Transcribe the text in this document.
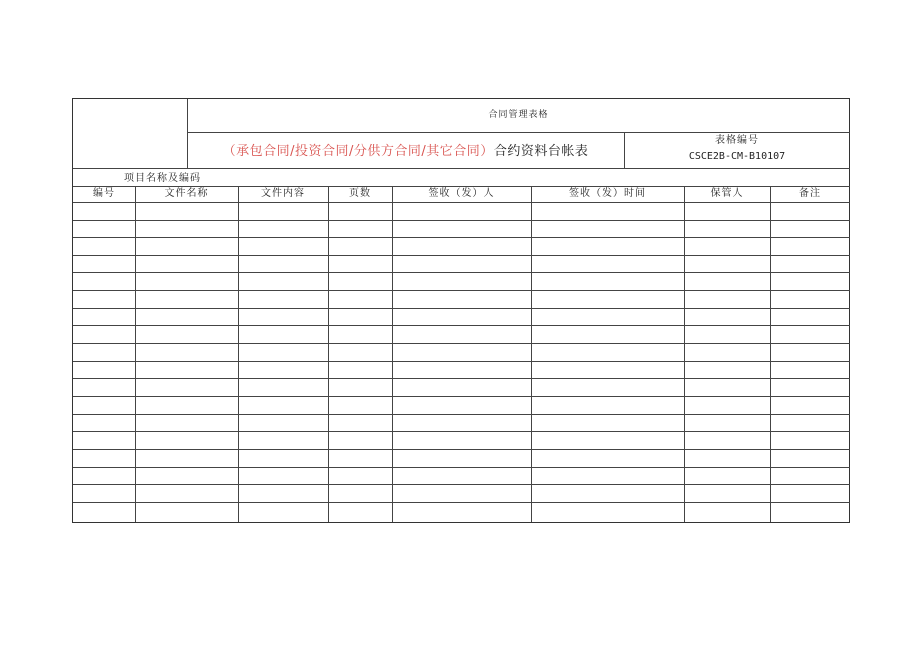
合同管理表格
（承包合同/投资合同/分供方合同/其它合同）合约资料台帐表
表格编号
CSCE2B-CM-B10107
项目名称及编码
编号	文件名称	文件内容	页数	签收（发）人	签收（发）时间	保管人	备注
